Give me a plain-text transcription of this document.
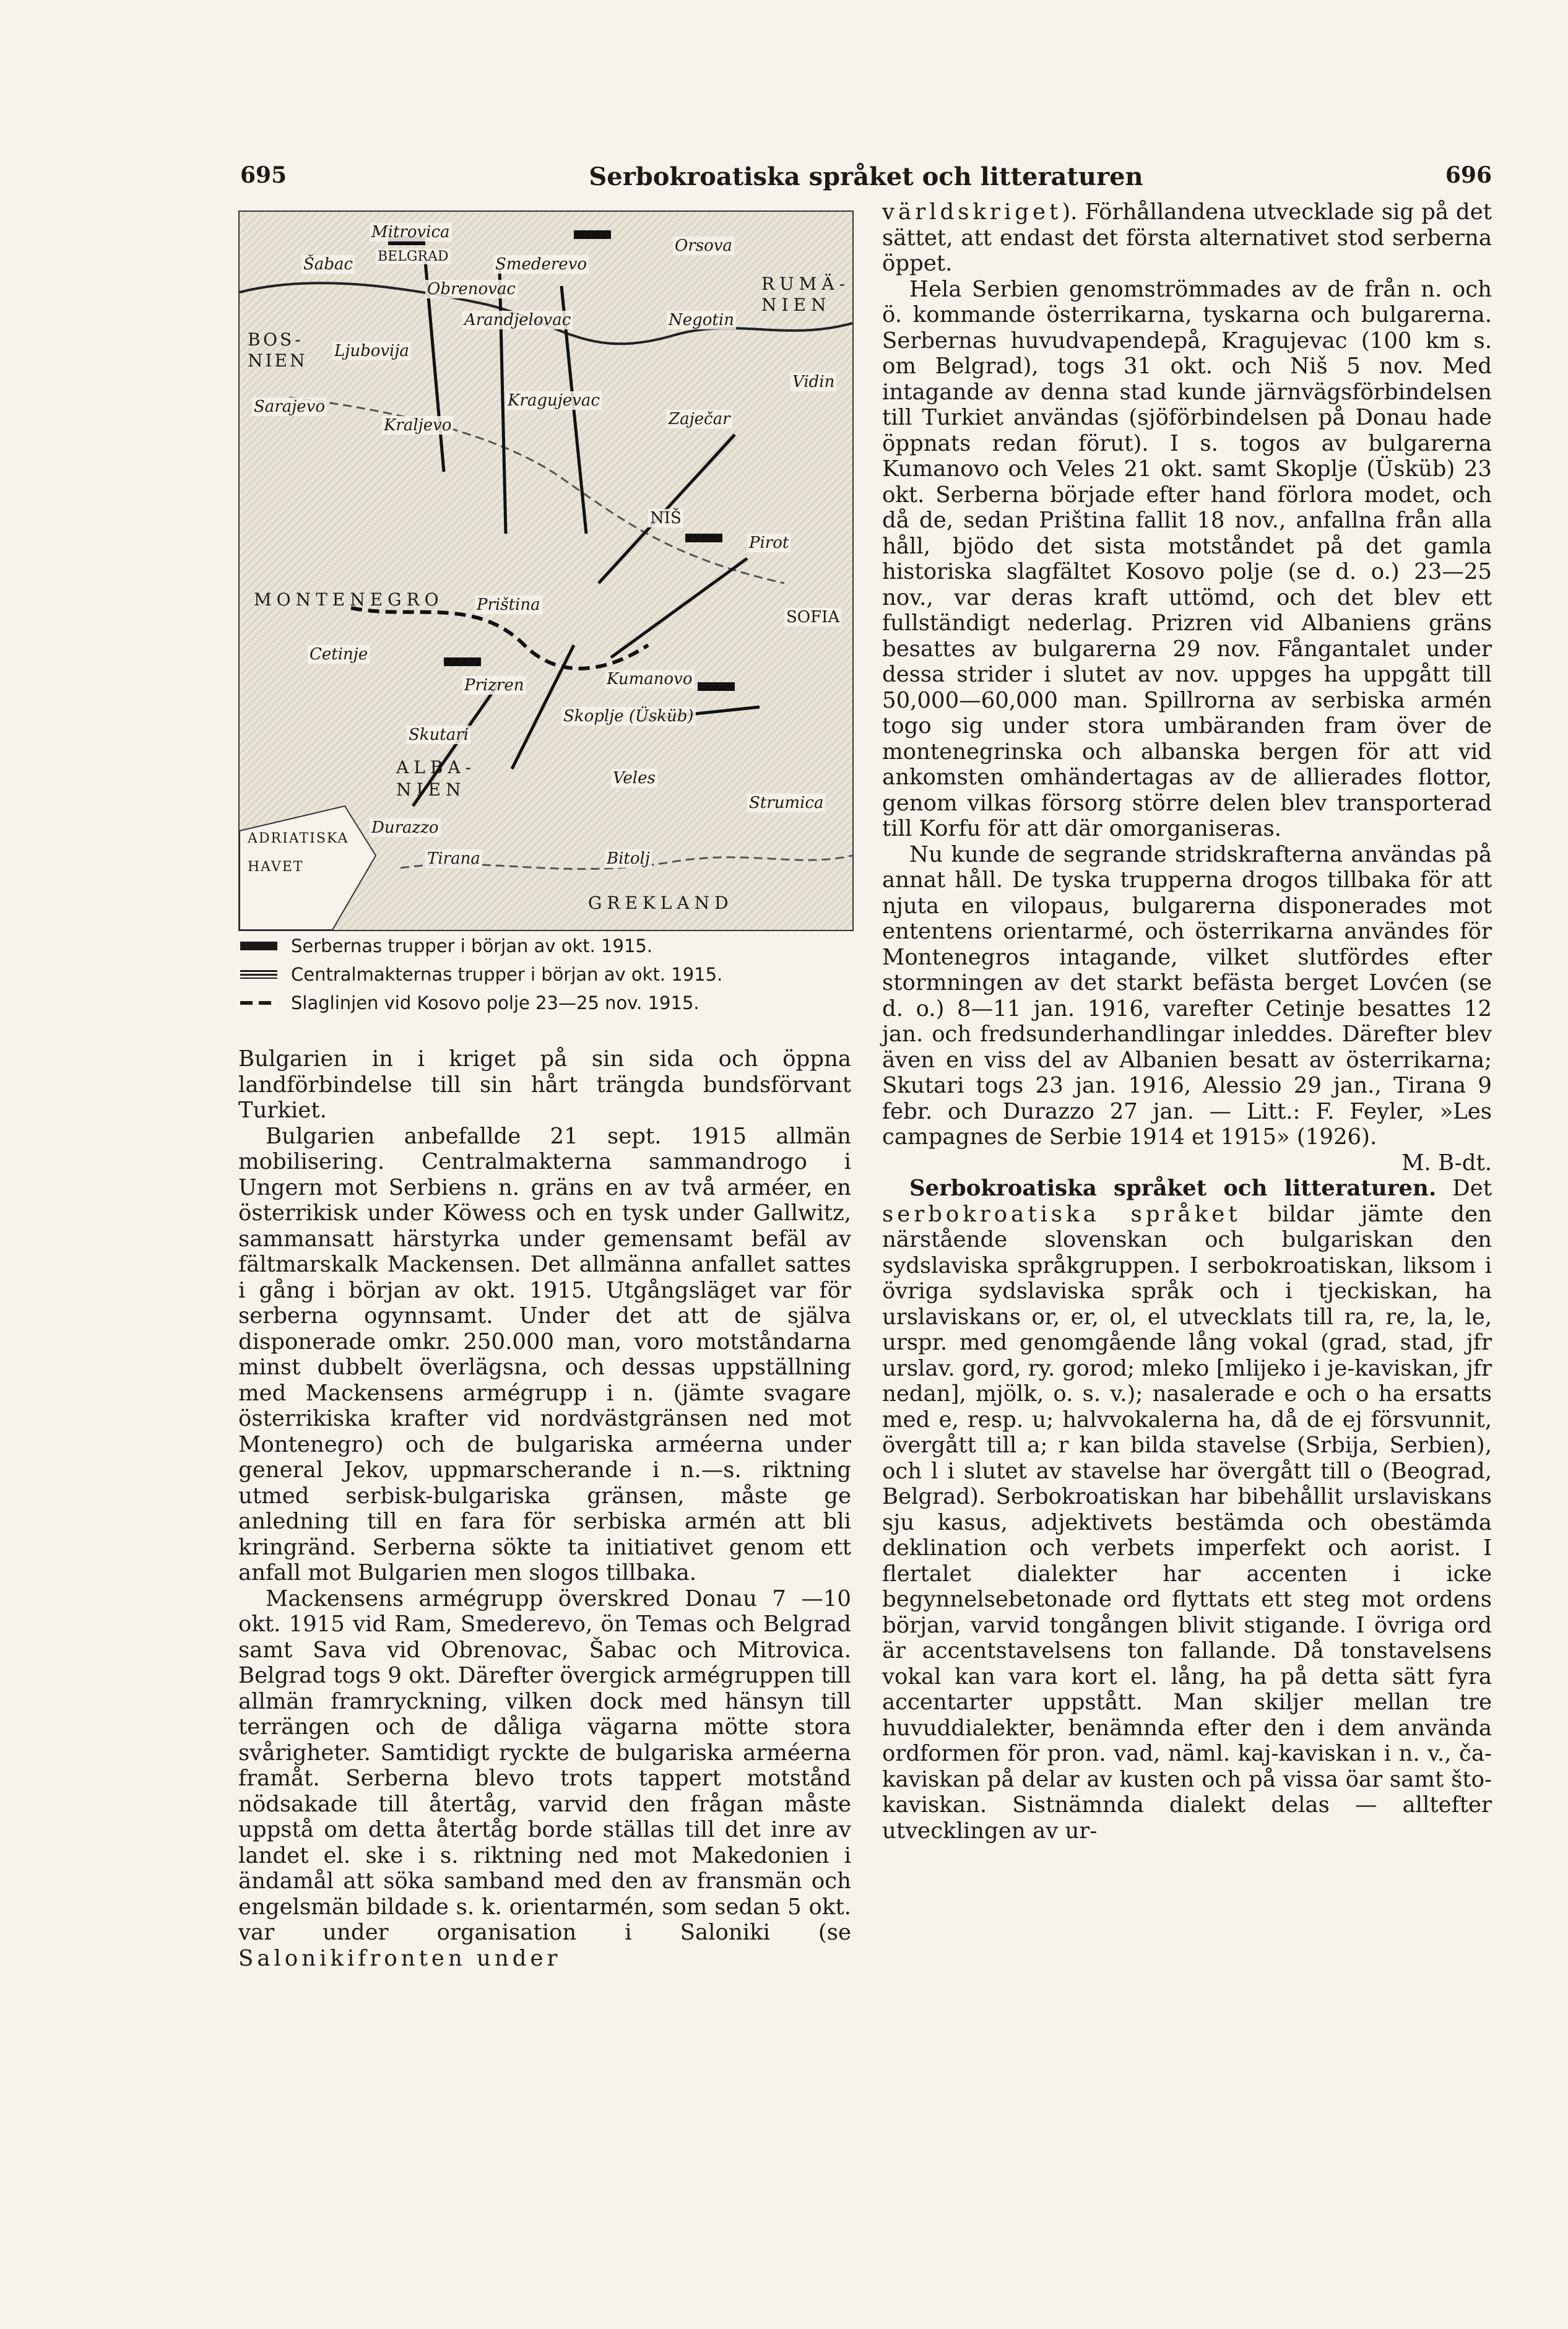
695	Serbokroatiska språket och litteraturen	696
Mitrovica
Šabac BELGRAD
Obrenovac
Smederevo
Arandjelovac
RUMÄ-NIEN
Orsova
Negotin
Vidin
BOS-NIEN Ljubovija
Sarajevo	Kragujevac
Kraljevo	Zaječar
NIŠ
Pirot
MONTENEGRO Priština
Cetinje
SOFIA
Prizren	Kumanovo
Skoplje (Üsküb)
Skutari
ALBA-NIEN
ADRIATISKA HAVET
Durazzo
Tirana
Veles
Strumica
Bitolj
GREKLAND
Serbernas trupper i början av okt. 1915.
Centralmakternas trupper i början av okt. 1915.
Slaglinjen vid Kosovo polje 23—25 nov. 1915.

Bulgarien in i kriget på sin sida och öppna landförbindelse till sin hårt trängda bundsförvant Turkiet.

Bulgarien anbefallde 21 sept. 1915 allmän mobilisering. Centralmakterna sammandrogo i Ungern mot Serbiens n. gräns en av två arméer, en österrikisk under Köwess och en tysk under Gallwitz, sammansatt härstyrka under gemensamt befäl av fältmarskalk Mackensen. Det allmänna anfallet sattes i gång i början av okt. 1915. Utgångsläget var för serberna ogynnsamt. Under det att de själva disponerade omkr. 250.000 man, voro motståndarna minst dubbelt överlägsna, och dessas uppställning med Mackensens armégrupp i n. (jämte svagare österrikiska krafter vid nordvästgränsen ned mot Montenegro) och de bulgariska arméerna under general Jekov, uppmarscherande i n.—s. riktning utmed serbisk-bulgariska gränsen, måste ge anledning till en fara för serbiska armén att bli kringränd. Serberna sökte ta initiativet genom ett anfall mot Bulgarien men slogos tillbaka.

Mackensens armégrupp överskred Donau 7 —10 okt. 1915 vid Ram, Smederevo, ön Temas och Belgrad samt Sava vid Obrenovac, Šabac och Mitrovica. Belgrad togs 9 okt. Därefter övergick armégruppen till allmän framryckning, vilken dock med hänsyn till terrängen och de dåliga vägarna mötte stora svårigheter. Samtidigt ryckte de bulgariska arméerna framåt. Serberna blevo trots tappert motstånd nödsakade till återtåg, varvid den frågan måste uppstå om detta återtåg borde ställas till det inre av landet el. ske i s. riktning ned mot Makedonien i ändamål att söka samband med den av fransmän och engelsmän bildade s. k. orientarmén, som sedan 5 okt. var under organisation i Saloniki (se Salonikifronten under

världskriget). Förhållandena utvecklade sig på det sättet, att endast det första alternativet stod serberna öppet.

Hela Serbien genomströmmades av de från n. och ö. kommande österrikarna, tyskarna och bulgarerna. Serbernas huvudvapendepå, Kragujevac (100 km s. om Belgrad), togs 31 okt. och Niš 5 nov. Med intagande av denna stad kunde järnvägsförbindelsen till Turkiet användas (sjöförbindelsen på Donau hade öppnats redan förut). I s. togos av bulgarerna Kumanovo och Veles 21 okt. samt Skoplje (Üsküb) 23 okt. Serberna började efter hand förlora modet, och då de, sedan Priština fallit 18 nov., anfallna från alla håll, bjödo det sista motståndet på det gamla historiska slagfältet Kosovo polje (se d. o.) 23—25 nov., var deras kraft uttömd, och det blev ett fullständigt nederlag. Prizren vid Albaniens gräns besattes av bulgarerna 29 nov. Fångantalet under dessa strider i slutet av nov. uppges ha uppgått till 50,000—60,000 man. Spillrorna av serbiska armén togo sig under stora umbäranden fram över de montenegrinska och albanska bergen för att vid ankomsten omhändertagas av de allierades flottor, genom vilkas försorg större delen blev transporterad till Korfu för att där omorganiseras.

Nu kunde de segrande stridskrafterna användas på annat håll. De tyska trupperna drogos tillbaka för att njuta en vilopaus, bulgarerna disponerades mot ententens orientarmé, och österrikarna användes för Montenegros intagande, vilket slutfördes efter stormningen av det starkt befästa berget Lovćen (se d. o.) 8—11 jan. 1916, varefter Cetinje besattes 12 jan. och fredsunderhandlingar inleddes. Därefter blev även en viss del av Albanien besatt av österrikarna; Skutari togs 23 jan. 1916, Alessio 29 jan., Tirana 9 febr. och Durazzo 27 jan. — Litt.: F. Feyler, »Les campagnes de Serbie 1914 et 1915» (1926).

M. B-dt.

Serbokroatiska språket och litteraturen. Det serbokroatiska språket bildar jämte den närstående slovenskan och bulgariskan den sydslaviska språkgruppen. I serbokroatiskan, liksom i övriga sydslaviska språk och i tjeckiskan, ha urslaviskans or, er, ol, el utvecklats till ra, re, la, le, urspr. med genomgående lång vokal (grad, stad, jfr urslav. gord, ry. gorod; mleko [mlijeko i je-kaviskan, jfr nedan], mjölk, o. s. v.); nasalerade e och o ha ersatts med e, resp. u; halvvokalerna ha, då de ej försvunnit, övergått till a; r kan bilda stavelse (Srbija, Serbien), och l i slutet av stavelse har övergått till o (Beograd, Belgrad). Serbokroatiskan har bibehållit urslaviskans sju kasus, adjektivets bestämda och obestämda deklination och verbets imperfekt och aorist. I flertalet dialekter har accenten i icke begynnelsebetonade ord flyttats ett steg mot ordens början, varvid tongången blivit stigande. I övriga ord är accentstavelsens ton fallande. Då tonstavelsens vokal kan vara kort el. lång, ha på detta sätt fyra accentarter uppstått. Man skiljer mellan tre huvuddialekter, benämnda efter den i dem använda ordformen för pron. vad, näml. kaj-kaviskan i n. v., ča-kaviskan på delar av kusten och på vissa öar samt što-kaviskan. Sistnämnda dialekt delas — alltefter utvecklingen av ur-
